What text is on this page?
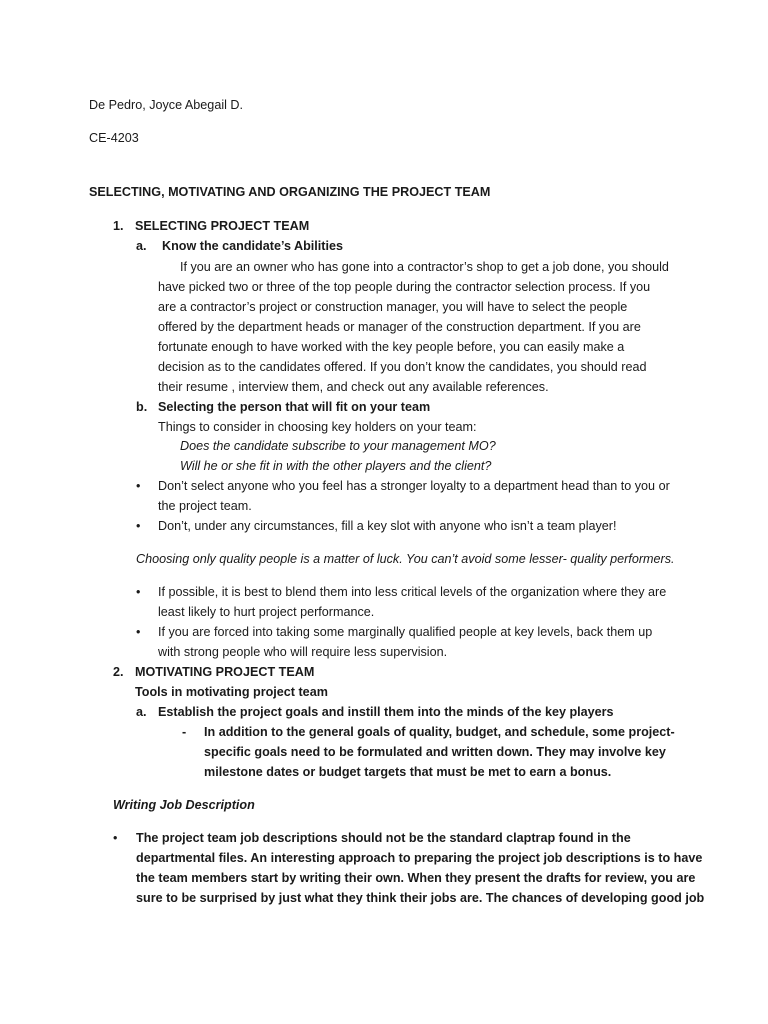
De Pedro, Joyce Abegail D.
CE-4203
SELECTING, MOTIVATING AND ORGANIZING THE PROJECT TEAM
1. SELECTING PROJECT TEAM
a. Know the candidate’s Abilities
If you are an owner who has gone into a contractor’s shop to get a job done, you should
have picked two or three of the top people during the contractor selection process. If you
are a contractor’s project or construction manager, you will have to select the people
offered by the department heads or manager of the construction department. If you are
fortunate enough to have worked with the key people before, you can easily make a
decision as to the candidates offered. If you don’t know the candidates, you should read
their resume , interview them, and check out any available references.
b. Selecting the person that will fit on your team
Things to consider in choosing key holders on your team:
Does the candidate subscribe to your management MO?
Will he or she fit in with the other players and the client?
• Don’t select anyone who you feel has a stronger loyalty to a department head than to you or
the project team.
• Don’t, under any circumstances, fill a key slot with anyone who isn’t a team player!
Choosing only quality people is a matter of luck. You can’t avoid some lesser- quality performers.
• If possible, it is best to blend them into less critical levels of the organization where they are
least likely to hurt project performance.
• If you are forced into taking some marginally qualified people at key levels, back them up
with strong people who will require less supervision.
2. MOTIVATING PROJECT TEAM
Tools in motivating project team
a. Establish the project goals and instill them into the minds of the key players
- In addition to the general goals of quality, budget, and schedule, some project-
specific goals need to be formulated and written down. They may involve key
milestone dates or budget targets that must be met to earn a bonus.
Writing Job Description
• The project team job descriptions should not be the standard claptrap found in the
departmental files. An interesting approach to preparing the project job descriptions is to have
the team members start by writing their own. When they present the drafts for review, you are
sure to be surprised by just what they think their jobs are. The chances of developing good job
